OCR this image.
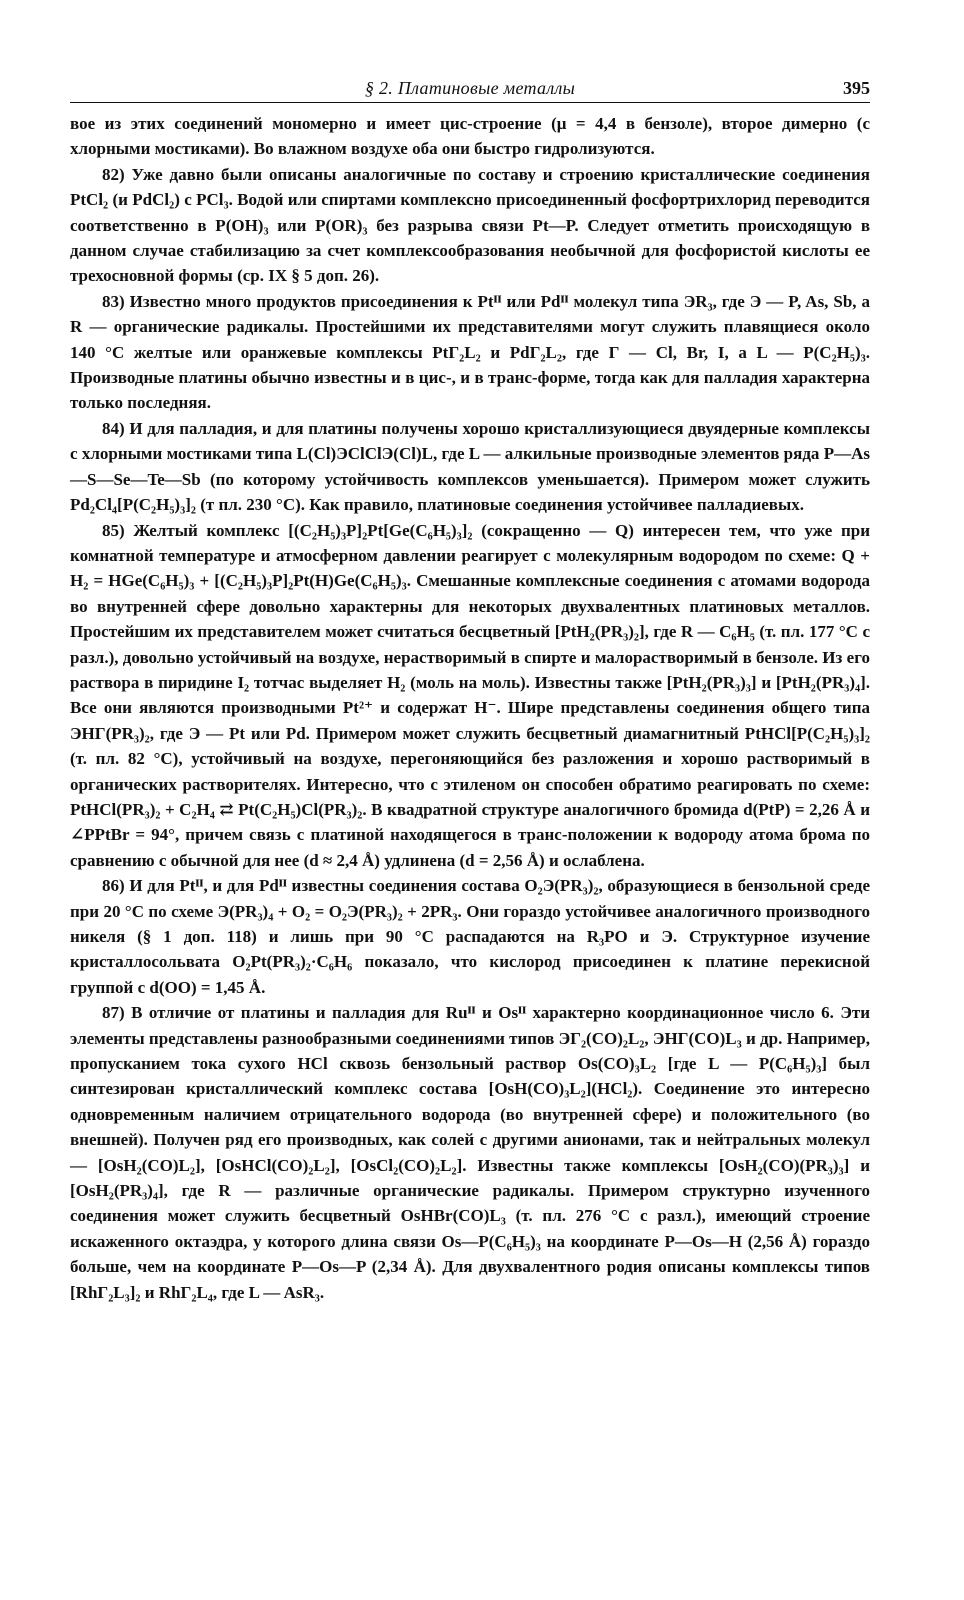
§ 2. Платиновые металлы	395

вое из этих соединений мономерно и имеет цис-строение (μ = 4,4 в бензоле), второе димерно (с хлорными мостиками). Во влажном воздухе оба они быстро гидролизуются.

82) Уже давно были описаны аналогичные по составу и строению кристаллические соединения PtCl₂ (и PdCl₂) с PCl₃. Водой или спиртами комплексно присоединенный фосфортрихлорид переводится соответственно в P(OH)₃ или P(OR)₃ без разрыва связи Pt—P. Следует отметить происходящую в данном случае стабилизацию за счет комплексообразования необычной для фосфористой кислоты ее трехосновной формы (ср. IX § 5 доп. 26).

83) Известно много продуктов присоединения к Ptᴵᴵ или Pdᴵᴵ молекул типа ЭR₃, где Э — P, As, Sb, а R — органические радикалы. Простейшими их представителями могут служить плавящиеся около 140 °C желтые или оранжевые комплексы PtГ₂L₂ и PdГ₂L₂, где Г — Cl, Br, I, а L — P(C₂H₅)₃. Производные платины обычно известны и в цис-, и в транс-форме, тогда как для палладия характерна только последняя.

84) И для палладия, и для платины получены хорошо кристаллизующиеся двуядерные комплексы с хлорными мостиками типа L(Cl)ЭClClЭ(Cl)L, где L — алкильные производные элементов ряда P—As—S—Se—Te—Sb (по которому устойчивость комплексов уменьшается). Примером может служить Pd₂Cl₄[P(C₂H₅)₃]₂ (т пл. 230 °C). Как правило, платиновые соединения устойчивее палладиевых.

85) Желтый комплекс [(C₂H₅)₃P]₂Pt[Ge(C₆H₅)₃]₂ (сокращенно — Q) интересен тем, что уже при комнатной температуре и атмосферном давлении реагирует с молекулярным водородом по схеме: Q + H₂ = HGe(C₆H₅)₃ + [(C₂H₅)₃P]₂Pt(H)Ge(C₆H₅)₃. Смешанные комплексные соединения с атомами водорода во внутренней сфере довольно характерны для некоторых двухвалентных платиновых металлов. Простейшим их представителем может считаться бесцветный [PtH₂(PR₃)₂], где R — C₆H₅ (т. пл. 177 °C с разл.), довольно устойчивый на воздухе, нерастворимый в спирте и малорастворимый в бензоле. Из его раствора в пиридине I₂ тотчас выделяет H₂ (моль на моль). Известны также [PtH₂(PR₃)₃] и [PtH₂(PR₃)₄]. Все они являются производными Pt²⁺ и содержат H⁻. Шире представлены соединения общего типа ЭНГ(PR₃)₂, где Э — Pt или Pd. Примером может служить бесцветный диамагнитный PtHCl[P(C₂H₅)₃]₂ (т. пл. 82 °C), устойчивый на воздухе, перегоняющийся без разложения и хорошо растворимый в органических растворителях. Интересно, что с этиленом он способен обратимо реагировать по схеме: PtHCl(PR₃)₂ + C₂H₄ ⇄ Pt(C₂H₅)Cl(PR₃)₂. В квадратной структуре аналогичного бромида d(PtP) = 2,26 Å и ∠PPtBr = 94°, причем связь с платиной находящегося в транс-положении к водороду атома брома по сравнению с обычной для нее (d ≈ 2,4 Å) удлинена (d = 2,56 Å) и ослаблена.

86) И для Ptᴵᴵ, и для Pdᴵᴵ известны соединения состава O₂Э(PR₃)₂, образующиеся в бензольной среде при 20 °C по схеме Э(PR₃)₄ + O₂ = O₂Э(PR₃)₂ + 2PR₃. Они гораздо устойчивее аналогичного производного никеля (§ 1 доп. 118) и лишь при 90 °C распадаются на R₃PO и Э. Структурное изучение кристаллосольвата O₂Pt(PR₃)₂·C₆H₆ показало, что кислород присоединен к платине перекисной группой с d(OO) = 1,45 Å.

87) В отличие от платины и палладия для Ruᴵᴵ и Osᴵᴵ характерно координационное число 6. Эти элементы представлены разнообразными соединениями типов ЭГ₂(CO)₂L₂, ЭНГ(CO)L₃ и др. Например, пропусканием тока сухого HCl сквозь бензольный раствор Os(CO)₃L₂ [где L — P(C₆H₅)₃] был синтезирован кристаллический комплекс состава [OsH(CO)₃L₂](HCl₂). Соединение это интересно одновременным наличием отрицательного водорода (во внутренней сфере) и положительного (во внешней). Получен ряд его производных, как солей с другими анионами, так и нейтральных молекул — [OsH₂(CO)L₂], [OsHCl(CO)₂L₂], [OsCl₂(CO)₂L₂]. Известны также комплексы [OsH₂(CO)(PR₃)₃] и [OsH₂(PR₃)₄], где R — различные органические радикалы. Примером структурно изученного соединения может служить бесцветный OsHBr(CO)L₃ (т. пл. 276 °C с разл.), имеющий строение искаженного октаэдра, у которого длина связи Os—P(C₆H₅)₃ на координате P—Os—H (2,56 Å) гораздо больше, чем на координате P—Os—P (2,34 Å). Для двухвалентного родия описаны комплексы типов [RhГ₂L₃]₂ и RhГ₂L₄, где L — AsR₃.
